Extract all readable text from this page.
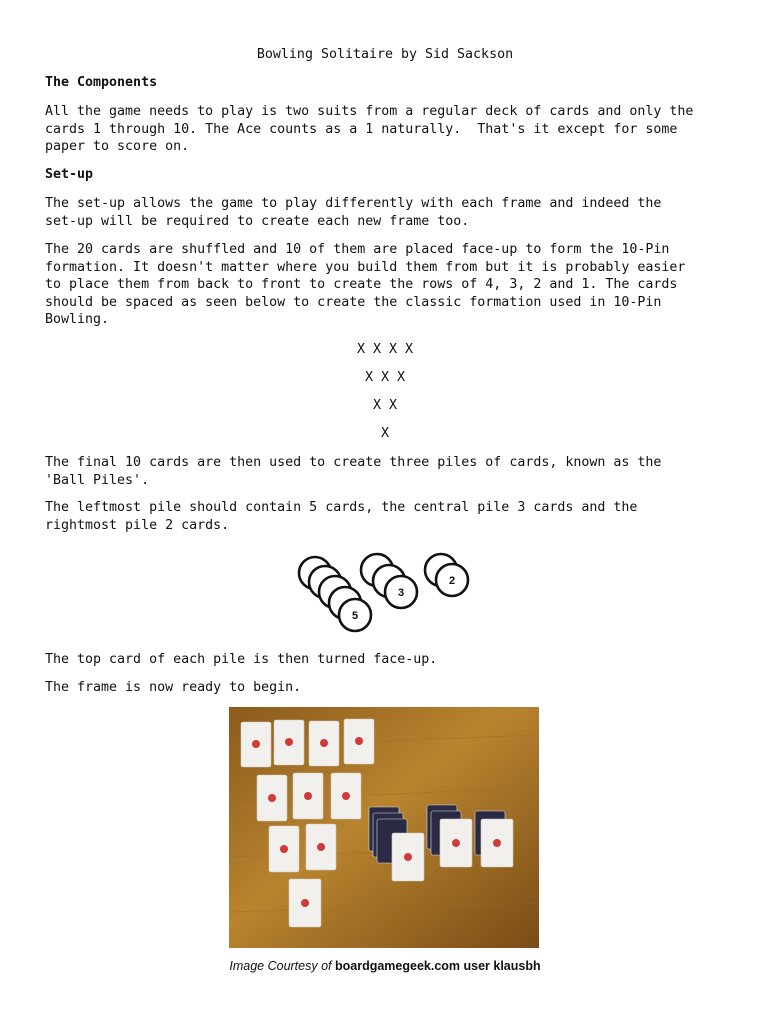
Bowling Solitaire by Sid Sackson
The Components
All the game needs to play is two suits from a regular deck of cards and only the
cards 1 through 10. The Ace counts as a 1 naturally.  That's it except for some
paper to score on.
Set-up
The set-up allows the game to play differently with each frame and indeed the
set-up will be required to create each new frame too.
The 20 cards are shuffled and 10 of them are placed face-up to form the 10-Pin
formation. It doesn't matter where you build them from but it is probably easier
to place them from back to front to create the rows of 4, 3, 2 and 1. The cards
should be spaced as seen below to create the classic formation used in 10-Pin
Bowling.
X X X X
X X X
X X
X
The final 10 cards are then used to create three piles of cards, known as the
'Ball Piles'.
The leftmost pile should contain 5 cards, the central pile 3 cards and the
rightmost pile 2 cards.
5
3
2
The top card of each pile is then turned face-up.
The frame is now ready to begin.
Image Courtesy of boardgamegeek.com user klausbh
